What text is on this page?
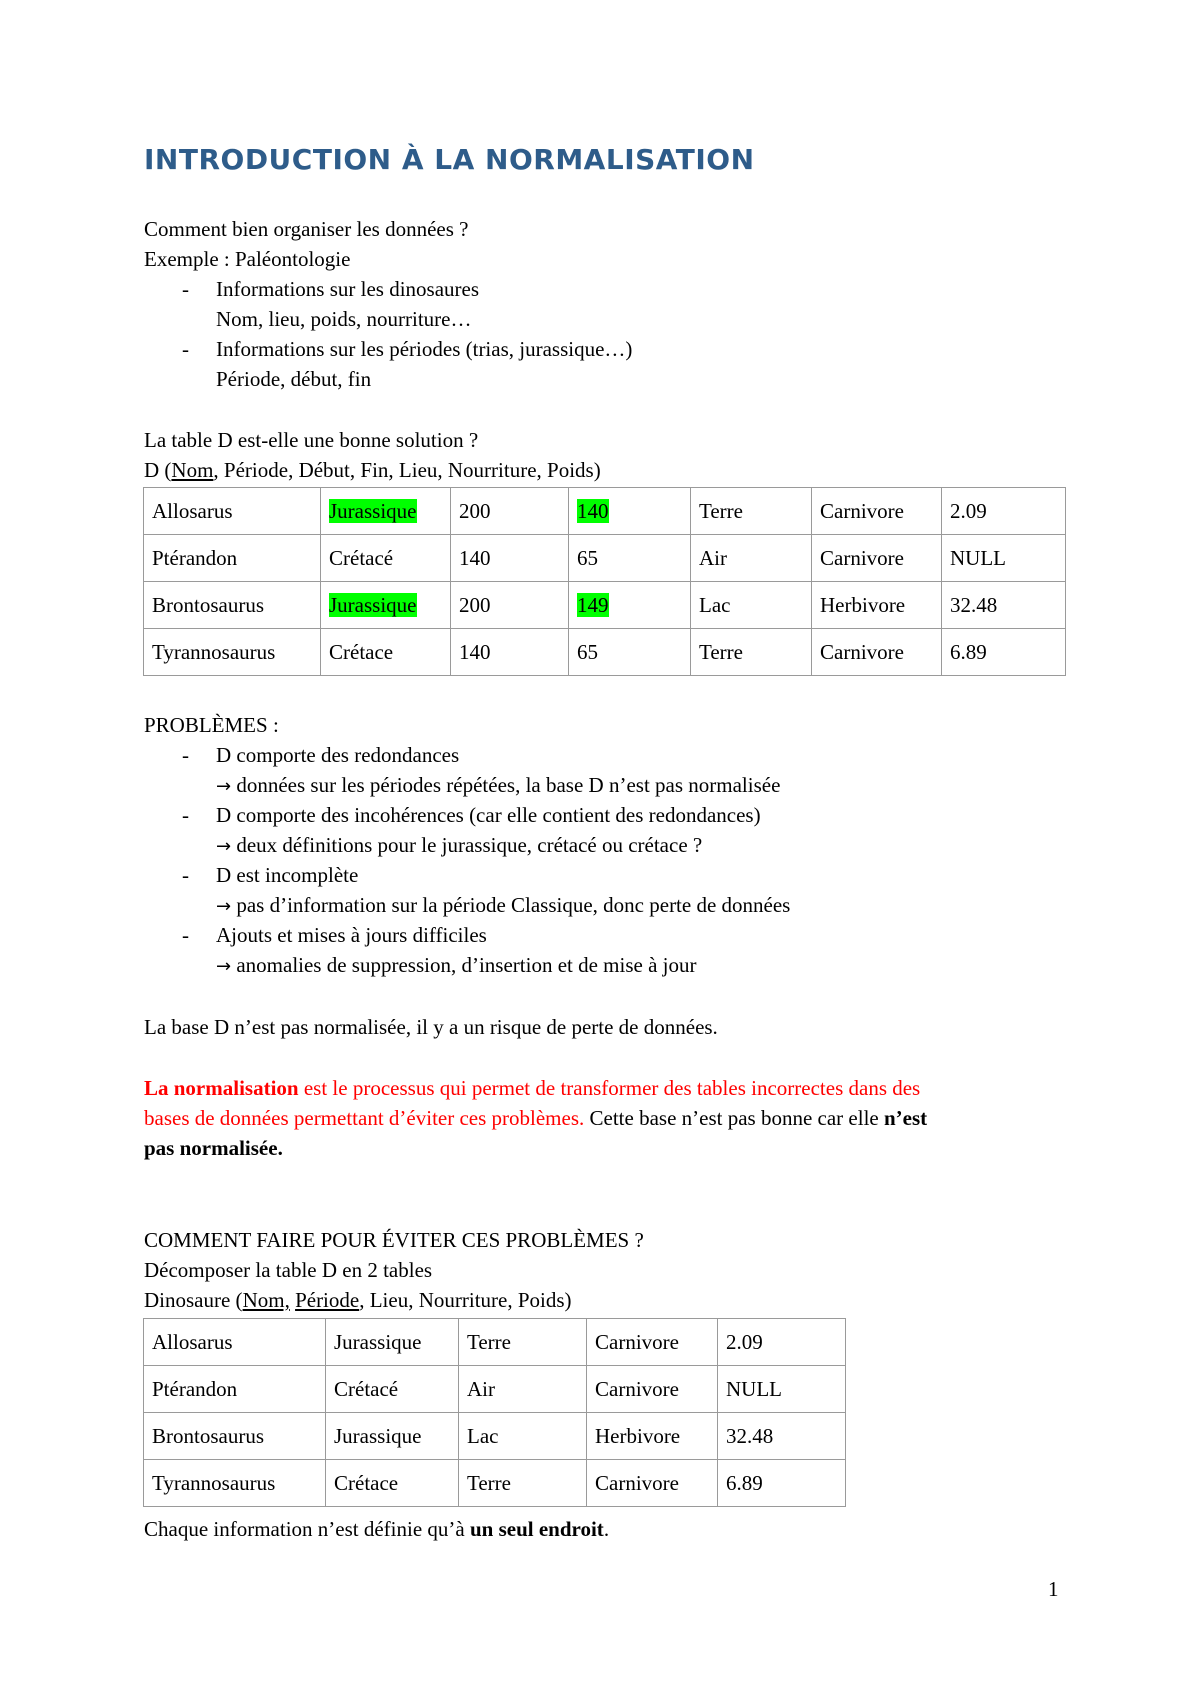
INTRODUCTION À LA NORMALISATION
Comment bien organiser les données ?
Exemple : Paléontologie
- Informations sur les dinosaures
Nom, lieu, poids, nourriture…
- Informations sur les périodes (trias, jurassique…)
Période, début, fin
La table D est-elle une bonne solution ?
D (Nom, Période, Début, Fin, Lieu, Nourriture, Poids)
Allosarus	Jurassique	200	140	Terre	Carnivore	2.09
Ptérandon	Crétacé	140	65	Air	Carnivore	NULL
Brontosaurus	Jurassique	200	149	Lac	Herbivore	32.48
Tyrannosaurus	Crétace	140	65	Terre	Carnivore	6.89
PROBLÈMES :
- D comporte des redondances
→ données sur les périodes répétées, la base D n’est pas normalisée
- D comporte des incohérences (car elle contient des redondances)
→ deux définitions pour le jurassique, crétacé ou crétace ?
- D est incomplète
→ pas d’information sur la période Classique, donc perte de données
- Ajouts et mises à jours difficiles
→ anomalies de suppression, d’insertion et de mise à jour
La base D n’est pas normalisée, il y a un risque de perte de données.
La normalisation est le processus qui permet de transformer des tables incorrectes dans des
bases de données permettant d’éviter ces problèmes. Cette base n’est pas bonne car elle n’est
pas normalisée.
COMMENT FAIRE POUR ÉVITER CES PROBLÈMES ?
Décomposer la table D en 2 tables
Dinosaure (Nom, Période, Lieu, Nourriture, Poids)
Allosarus	Jurassique	Terre	Carnivore	2.09
Ptérandon	Crétacé	Air	Carnivore	NULL
Brontosaurus	Jurassique	Lac	Herbivore	32.48
Tyrannosaurus	Crétace	Terre	Carnivore	6.89
Chaque information n’est définie qu’à un seul endroit.
1
